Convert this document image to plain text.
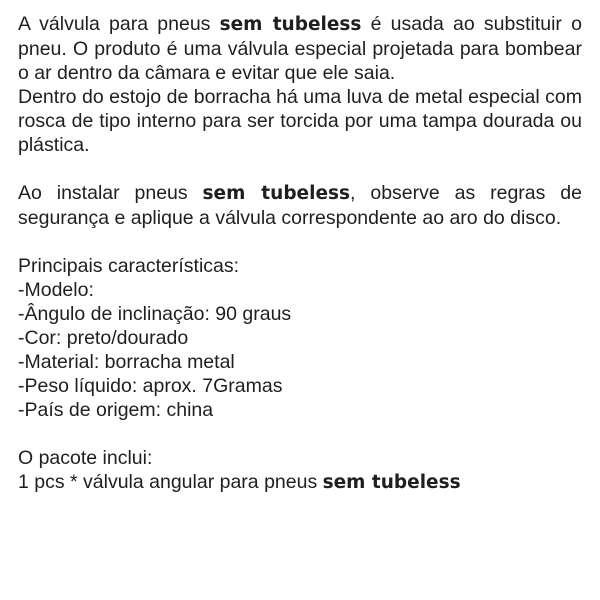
A válvula para pneus sem tubeless é usada ao substituir o pneu. O produto é uma válvula especial projetada para bombear o ar dentro da câmara e evitar que ele saia.

Dentro do estojo de borracha há uma luva de metal especial com rosca de tipo interno para ser torcida por uma tampa dourada ou plástica.

Ao instalar pneus sem tubeless, observe as regras de segurança e aplique a válvula correspondente ao aro do disco.

Principais características:
-Modelo:
-Ângulo de inclinação: 90 graus
-Cor: preto/dourado
-Material: borracha metal
-Peso líquido: aprox. 7Gramas
-País de origem: china
O pacote inclui:
1 pcs * válvula angular para pneus sem tubeless
